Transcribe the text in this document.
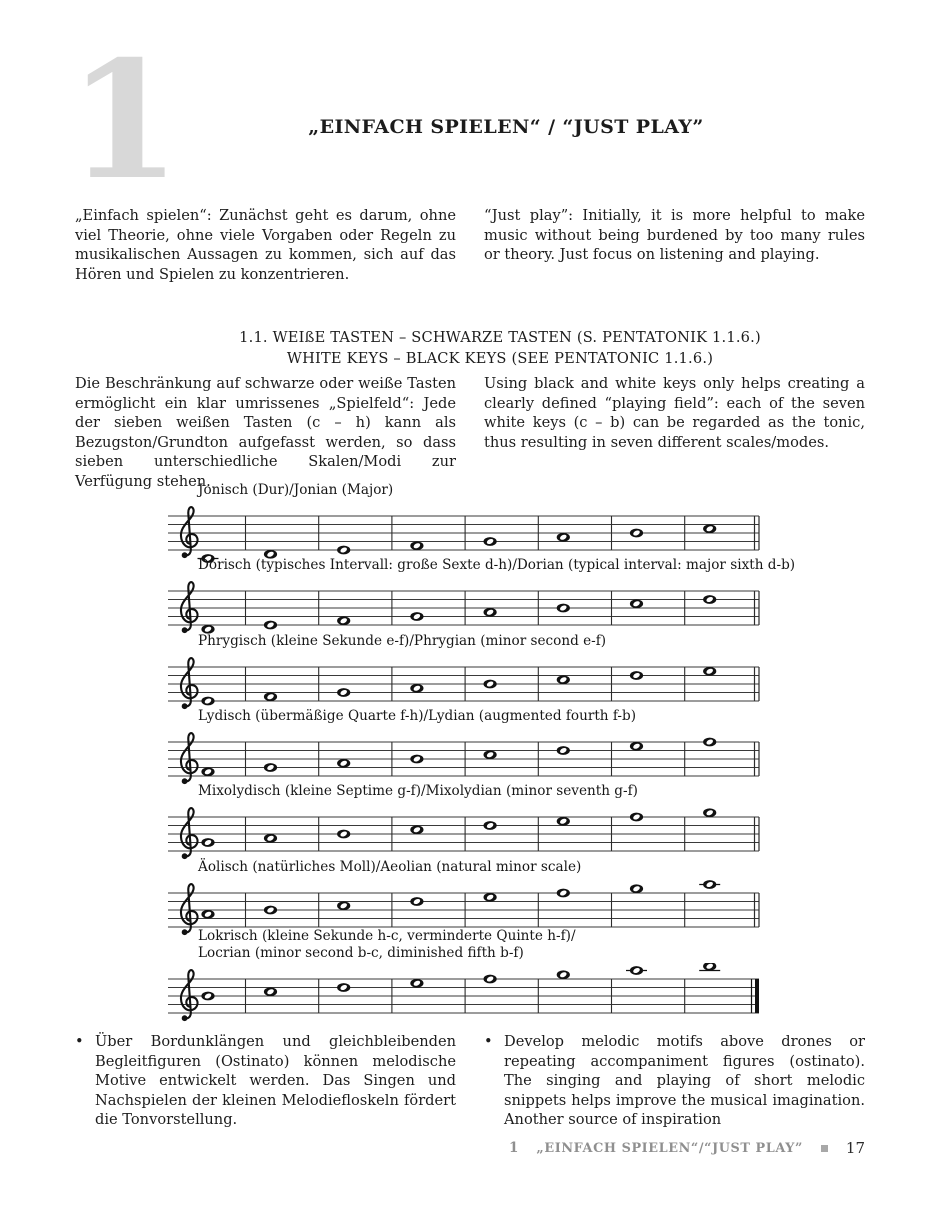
1	„EINFACH SPIELEN“ / “JUST PLAY”
„Einfach spielen“: Zunächst geht es darum, ohne viel Theorie, ohne viele Vorgaben oder Regeln zu musikalischen Aussagen zu kommen, sich auf das Hören und Spielen zu konzentrieren.
“Just play”: Initially, it is more helpful to make music without being burdened by too many rules or theory. Just focus on listening and playing.
1.1. WEIßE TASTEN – SCHWARZE TASTEN (S. PENTATONIK 1.1.6.)
WHITE KEYS – BLACK KEYS (SEE PENTATONIC 1.1.6.)
Die Beschränkung auf schwarze oder weiße Tasten ermöglicht ein klar umrissenes „Spielfeld“: Jede der sieben weißen Tasten (c – h) kann als Bezugston/Grundton aufgefasst werden, so dass sieben unterschiedliche Skalen/Modi zur Verfügung stehen.
Using black and white keys only helps creating a clearly defined “playing field”: each of the seven white keys (c – b) can be regarded as the tonic, thus resulting in seven different scales/modes.
Jonisch (Dur)/Jonian (Major)
Dorisch (typisches Intervall: große Sexte d-h)/Dorian (typical interval: major sixth d-b)
Phrygisch (kleine Sekunde e-f)/Phrygian (minor second e-f)
Lydisch (übermäßige Quarte f-h)/Lydian (augmented fourth f-b)
Mixolydisch (kleine Septime g-f)/Mixolydian (minor seventh g-f)
Äolisch (natürliches Moll)/Aeolian (natural minor scale)
Lokrisch (kleine Sekunde h-c, verminderte Quinte h-f)/
Locrian (minor second b-c, diminished fifth b-f)
• Über Bordunklängen und gleichbleibenden Begleitfiguren (Ostinato) können melodische Motive entwickelt werden. Das Singen und Nachspielen der kleinen Melodiefloskeln fördert die Tonvorstellung.
• Develop melodic motifs above drones or repeating accompaniment figures (ostinato). The singing and playing of short melodic snippets helps improve the musical imagination. Another source of inspiration
1 „EINFACH SPIELEN“/“JUST PLAY”	17
